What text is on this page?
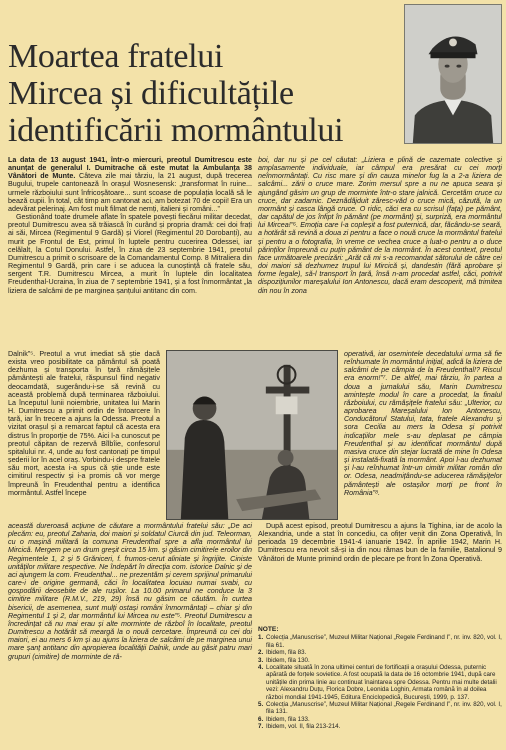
Moartea fratelui
Mircea și dificultățile
identificării mormântului

La data de 13 august 1941, într-o miercuri, preotul Dumitrescu este anunțat de generalul I. Dumitrache că este mutat la Ambulanța 38 Vânători de Munte. Câteva zile mai târziu, la 21 august, după trecerea Bugului, trupele cantonează în orașul Wosnesensk: „transformat în ruine... urmele războiului sunt înfricoșătoare... sunt scoase de populația locală să le bează cupii. În total, cât timp am cantonat aci, am botezat 70 de copii! Era un adevărat pelerinaj. Am fost mult filmat de nemți, italieni și români...”

Gestionând toate drumele aflate în spatele povești fiecărui militar decedat, preotul Dumitrescu avea să trăiască în curând și propria dramă: cei doi frați ai săi, Mircea (Regimentul 9 Gardă) și Viorel (Regimentul 20 Dorobanți), au murit pe Frontul de Est, primul în luptele pentru cucerirea Odessei, iar celălalt, la Cotul Donului. Astfel, în ziua de 23 septembrie 1941, preotul Dumitrescu a primit o scrisoare de la Comandamentul Comp. 8 Mitraliera din Regimentul 9 Gardă, prin care i se aducea la cunoștință că fratele său, sergent T.R. Dumitrescu Mircea, a murit în luptele din localitatea Freudenthal-Ucraina, în ziua de 7 septembrie 1941, și a fost înmormântat „la liziera de salcâmi de pe marginea șanțului antitanc din com.

boi, dar nu și pe cel căutat: „Liziera e plină de cazemate colective și amplasamente individuale, iar câmpul era presărat cu cei morți neînmormântați. Cu risc mare și din cauza minelor fug la a 2-a liziera de salcâmi... zării o cruce mare. Zorim mersul spre a nu ne apuca seara și ajungând găsim un grup de morminte într-o stare jalnică. Cercetăm cruce cu cruce, dar zadarnic. Deznădăjduit zăresc-văd o cruce mică, căzută, la un mormânt și casca lângă cruce. O ridic, căci era cu scrisul (fața) pe pământ, dar capătul de jos înfipt în pământ (pe mormânt) și, surpriză, era mormântul lui Mircea!”⁶. Emoția care l-a copleșit a fost puternică, dar, făcându-se seară, a hotărât să revină a doua zi pentru a face o nouă cruce la mormântul fratelui și pentru a o fotografia, în vreme ce vechea cruce a luat-o pentru a o duce părinților împreună cu puțin pământ de la mormânt. În acest context, preotul face următoarele precizări: „Arăt că mi s-a recomandat sătorului de către cei doi maiori să dezhumez trupul lui Mircică și, dandestin (fără aprobare și forme legale), să-l transport în țară, însă n-am procedat astfel, căci, potrivit dispozițiunilor mareșalului Ion Antonescu, dacă eram descoperit, mă trimitea din nou în zona

Dalnik”⁵. Preotul a vrut imediat să știe dacă exista vreo posibilitate ca pământul să poată dezhuma și transporta în țară rămășițele pământești ale fratelui, răspunsul fiind negativ deocamdată, sugerându-i-se să revină cu această problemă după terminarea războiului. La începutul lunii noiembrie, unitatea lui Marin H. Dumitrescu a primit ordin de întoarcere în țară, iar în trecere a ajuns la Odessa. Preotul a vizitat orașul și a remarcat faptul că acesta era distrus în proporție de 75%. Aici l-a cunoscut pe preotul căpitan de rezervă Bîlbîie, confesorul spitalului nr. 4, unde au fost cantonați pe timpul șederii lor în acel oraș. Vorbindu-i despre fratele său mort, acesta i-a spus că știe unde este cimitirul respectiv și i-a promis că vor merge împreună în Freudenthal pentru a identifica mormântul. Astfel începe

operativă, iar osemintele decedatului urma să fie reînhumate în mormântul inițial, adică la liziera de salcâmi de pe câmpia de la Freudenthal!? Riscul era enorm!”⁷. De altfel, mai târziu, în partea a doua a jurnalului său, Marin Dumitrescu amintește modul în care a procedat, la finalul războiului, cu rămășițele fratelui său: „Ulterior, cu aprobarea Mareșalului Ion Antonescu, Conducătorul Statului, tata, fratele Alexandru și sora Cecilia au mers la Odesa și potrivit indicațiilor mele s-au deplasat pe câmpia Freudenthal și au identificat mormântul după masiva cruce din stejar lucrată de mine în Odesa și instalată-fixată la mormânt. Apoi l-au dezhumat și l-au reînhumat într-un cimitir militar român din or. Odesa, neadmițându-se aducerea rămășițelor pământești ale ostașilor morți pe front în România”⁸.

această dureroasă acțiune de căutare a mormântului fratelui său: „De aci plecăm: eu, preotul Zaharia, doi maiori și soldatul Ciurcă din jud. Teleorman, cu o mașină militară la comuna Freudenthal spre a afla mormântul lui Mircică. Mergem pe un drum greșit circa 15 km. și găsim cimitirele eroilor din Regimentele 1, 2 și 5 Grăniceri, f. frumos-cerut aliniate și îngrijite. Ciniste unităților militare respective. Ne îndepărt în direcția com. istorice Dalnic și de aci ajungem la com. Freudenthal... ne prezentăm și cerem sprijinul primarului care-i de origine germană, căci în localitatea locuiau numai svabi, cu gospodării deosebite de ale rușilor. La 10.00 primarul ne conduce la 3 cimitire militare (R.M.V., 219, 29) însă nu găsim ce căutăm. În curtea bisericii, de asemenea, sunt mulți ostași români înmormântați – chiar și din Regimentul 1 și 2, dar mormântul lui Mircea nu este”⁵. Preotul Dumitrescu a încredințat că nu mai erau și alte morminte de războî în localitate, preotul Dumitrescu a hotărât să meargă la o nouă cercetare. Împreună cu cei doi maiori, ei au mers 6 km și au ajuns la liziera de salcâmi de pe marginea unui mare șanț antitanc din apropierea localității Dalnik, unde au găsit patru mari grupuri (cimitire) de morminte de ră-

După acest episod, preotul Dumitrescu a ajuns la Tighina, iar de acolo la Alexandria, unde a stat în concediu, ca ofițer venit din Zona Operativă, în perioada 19 decembrie 1941-4 ianuarie 1942. În aprilie 1942, Marin H. Dumitrescu era nevoit să-și ia din nou rămas bun de la familie, Batalionul 9 Vânători de Munte primind ordin de plecare pe front în Zona Operativă.

NOTE:
1. Colecția „Manuscrise”, Muzeul Militar Național „Regele Ferdinand I”, nr. inv. 820, vol. I, fila 61.
2. Ibidem, fila 83.
3. Ibidem, fila 130.
4. Localitate situată în zona ultimei centuri de fortificații a orașului Odessa, puternic apărată de forțele sovietice. A fost ocupată la data de 16 octombrie 1941, după care unitățile din prima linie au continuat înaintarea spre Odessa. Pentru mai multe detalii vezi: Alexandru Duțu, Florica Dobre, Leonida Loghin, Armata română în al doilea război mondial 1941-1945, Editura Enciclopedică, București, 1999, p. 137.
5. Colecția „Manuscrise”, Muzeul Militar Național „Regele Ferdinand I”, nr. inv. 820, vol. I, fila 131.
6. Ibidem, fila 133.
7. Ibidem, vol. II, fila 213-214.
